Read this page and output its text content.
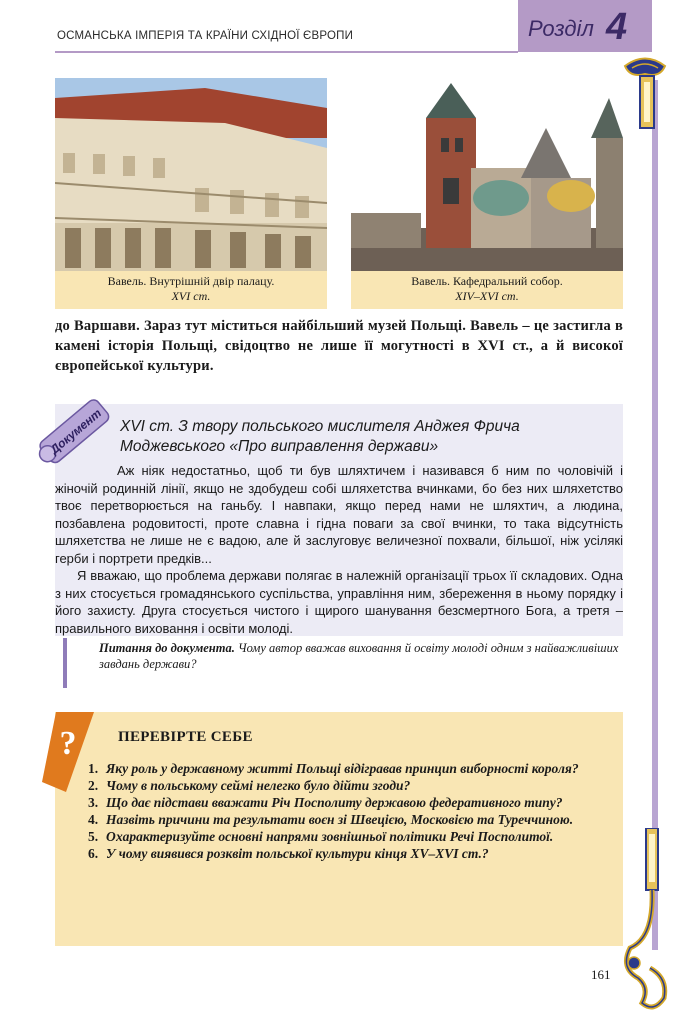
ОСМАНСЬКА ІМПЕРІЯ ТА КРАЇНИ СХІДНОЇ ЄВРОПИ	Розділ 4
Вавель. Внутрішній двір палацу.
XVI ст.
Вавель. Кафедральний собор.
XIV–XVI ст.
до Варшави. Зараз тут міститься найбільший музей Польщі. Вавель – це застигла в камені історія Польщі, свідоцтво не лише її могутності в XVI ст., а й високої європейської культури.
Документ XVI ст. З твору польського мислителя Анджея Фрича Моджевського «Про виправлення держави»

Аж ніяк недостатньо, щоб ти був шляхтичем і називався б ним по чоловічій і жіночій родинній лінії, якщо не здобудеш собі шляхетства вчинками, бо без них шляхетство твоє перетворюється на ганьбу. І навпаки, якщо перед нами не шляхтич, а людина, позбавлена родовитості, проте славна і гідна поваги за свої вчинки, то така відсутність шляхетства не лише не є вадою, але й заслуговує величезної похвали, більшої, ніж усілякі герби і портрети предків...

Я вважаю, що проблема держави полягає в належній організації трьох її складових. Одна з них стосується громадянського суспільства, управління ним, збереження в ньому порядку і його захисту. Друга стосується чистого і щирого шанування безсмертного Бога, а третя – правильного виховання і освіти молоді.

Питання до документа. Чому автор вважав виховання й освіту молоді одним з найважливіших завдань держави?
?	ПЕРЕВІРТЕ СЕБЕ
1. Яку роль у державному житті Польщі відігравав принцип виборності короля?
2. Чому в польському сеймі нелегко було дійти згоди?
3. Що дає підстави вважати Річ Посполиту державою федеративного типу?
4. Назвіть причини та результати воєн зі Швецією, Московією та Туреччиною.
5. Охарактеризуйте основні напрями зовнішньої політики Речі Посполитої.
6. У чому виявився розквіт польської культури кінця XV–XVI ст.?
161
